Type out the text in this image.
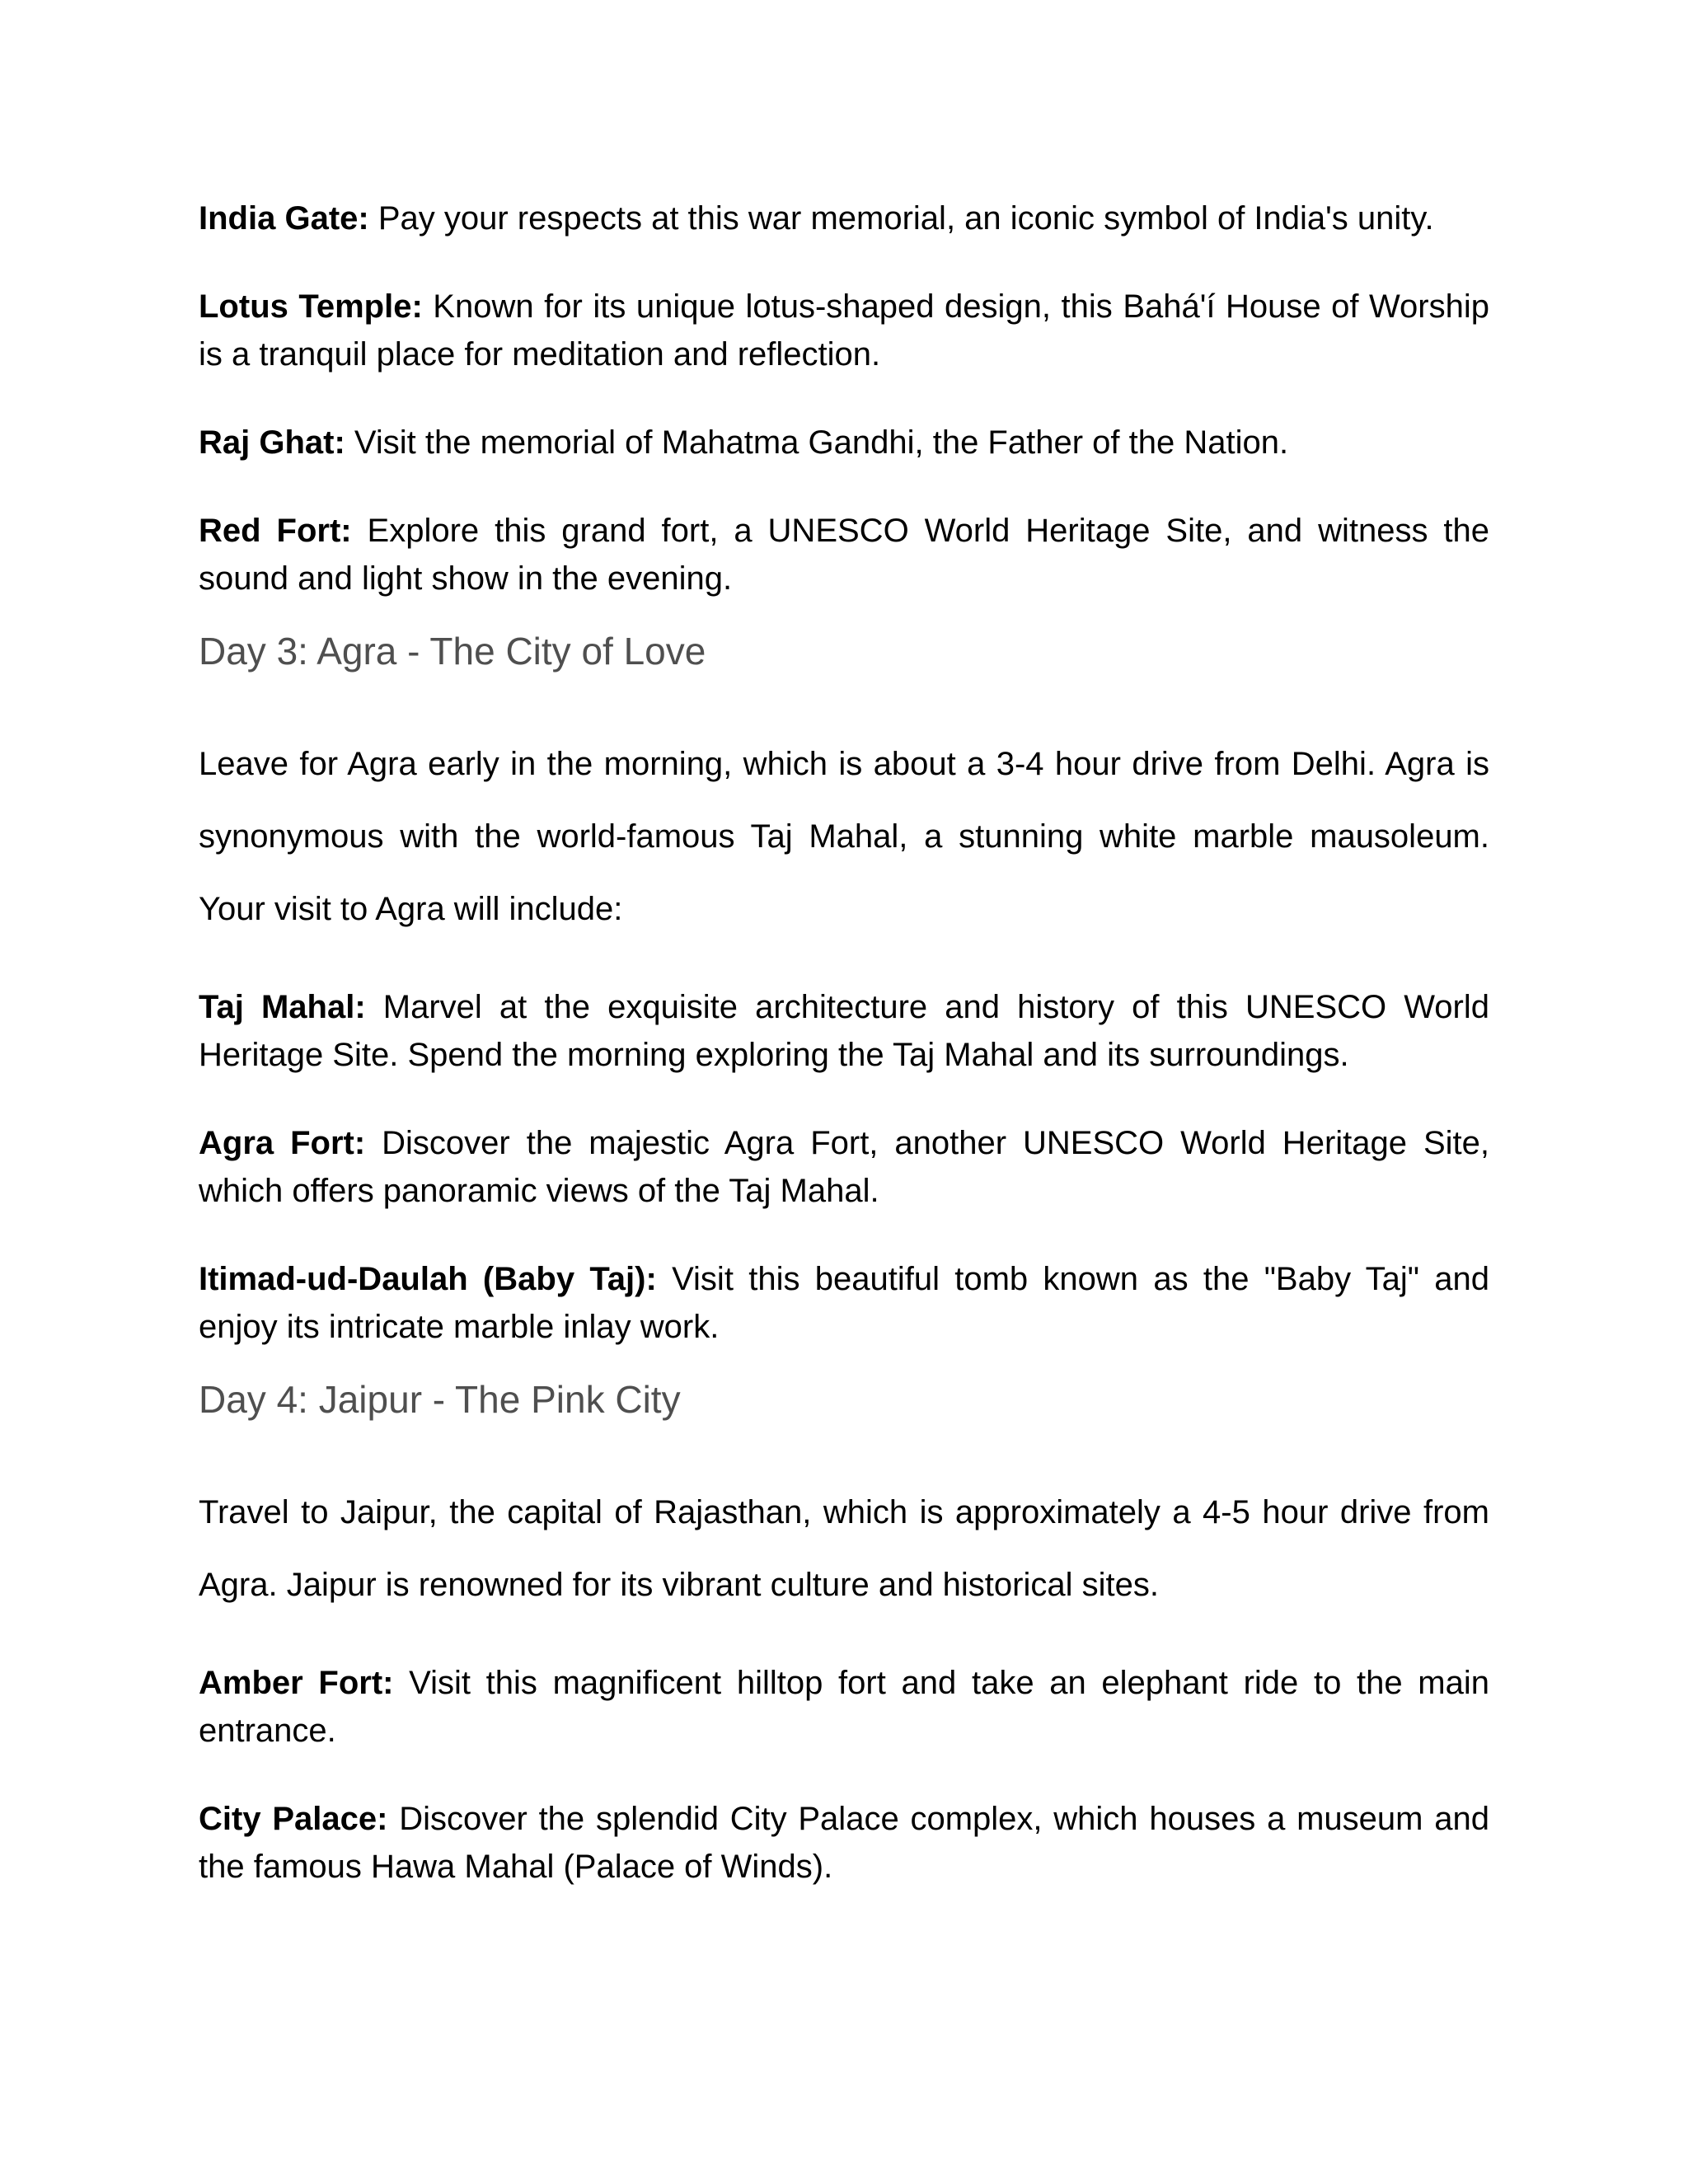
India Gate: Pay your respects at this war memorial, an iconic symbol of India's unity.

Lotus Temple: Known for its unique lotus-shaped design, this Bahá'í House of Worship is a tranquil place for meditation and reflection.

Raj Ghat: Visit the memorial of Mahatma Gandhi, the Father of the Nation.

Red Fort: Explore this grand fort, a UNESCO World Heritage Site, and witness the sound and light show in the evening.

Day 3: Agra - The City of Love

Leave for Agra early in the morning, which is about a 3-4 hour drive from Delhi. Agra is synonymous with the world-famous Taj Mahal, a stunning white marble mausoleum. Your visit to Agra will include:

Taj Mahal: Marvel at the exquisite architecture and history of this UNESCO World Heritage Site. Spend the morning exploring the Taj Mahal and its surroundings.

Agra Fort: Discover the majestic Agra Fort, another UNESCO World Heritage Site, which offers panoramic views of the Taj Mahal.

Itimad-ud-Daulah (Baby Taj): Visit this beautiful tomb known as the "Baby Taj" and enjoy its intricate marble inlay work.

Day 4: Jaipur - The Pink City

Travel to Jaipur, the capital of Rajasthan, which is approximately a 4-5 hour drive from Agra. Jaipur is renowned for its vibrant culture and historical sites.

Amber Fort: Visit this magnificent hilltop fort and take an elephant ride to the main entrance.

City Palace: Discover the splendid City Palace complex, which houses a museum and the famous Hawa Mahal (Palace of Winds).
